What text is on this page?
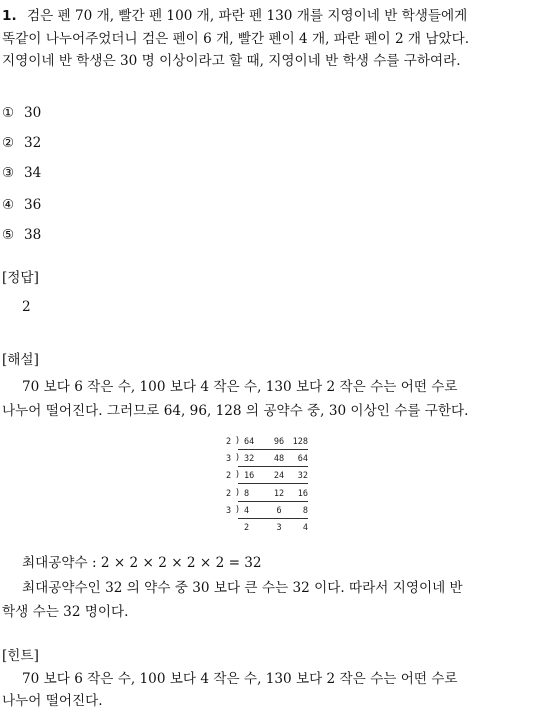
1. 검은 펜 70 개, 빨간 펜 100 개, 파란 펜 130 개를 지영이네 반 학생들에게
똑같이 나누어주었더니 검은 펜이 6 개, 빨간 펜이 4 개, 파란 펜이 2 개 남았다.
지영이네 반 학생은 30 명 이상이라고 할 때, 지영이네 반 학생 수를 구하여라.
① 30
② 32
③ 34
④ 36
⑤ 38
[정답]
2
[해설]
70 보다 6 작은 수, 100 보다 4 작은 수, 130 보다 2 작은 수는 어떤 수로
나누어 떨어진다. 그러므로 64, 96, 128 의 공약수 중, 30 이상인 수를 구한다.
2 ) 64	96	128
3 ) 32	48	64
2 ) 16	24	32
2 ) 8	12	16
3 ) 4	6	8
2	3	4
최대공약수 : 2 × 2 × 2 × 2 × 2 = 32
최대공약수인 32 의 약수 중 30 보다 큰 수는 32 이다. 따라서 지영이네 반
학생 수는 32 명이다.
[힌트]
70 보다 6 작은 수, 100 보다 4 작은 수, 130 보다 2 작은 수는 어떤 수로
나누어 떨어진다.
